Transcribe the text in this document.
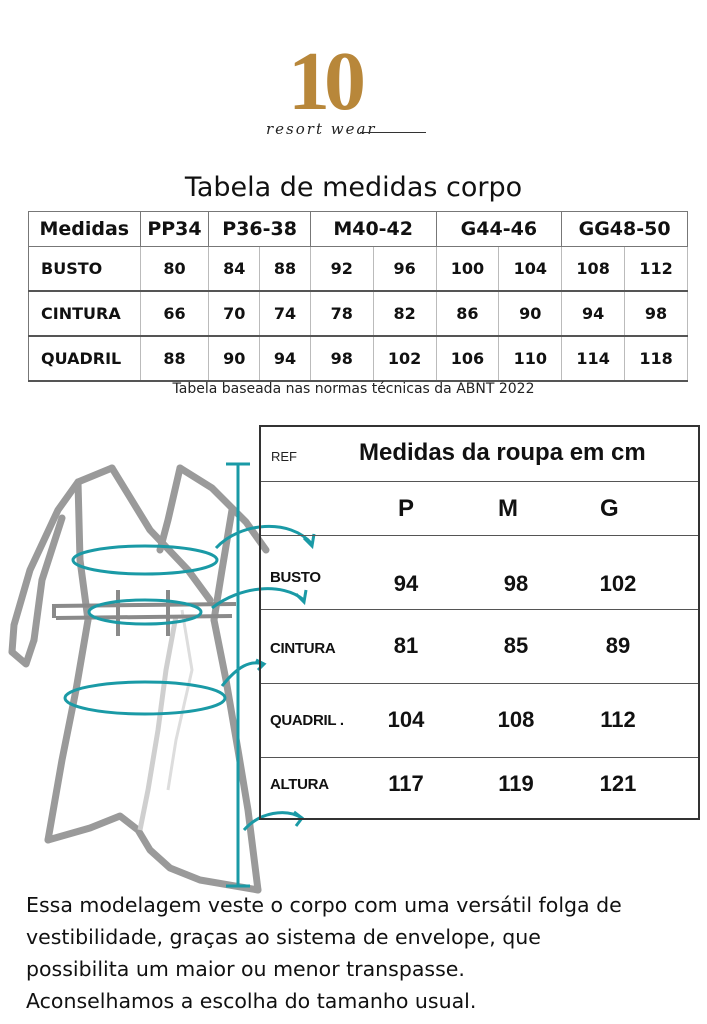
10
resort wear
Tabela de medidas corpo
Medidas	PP34	P36-38		M40-42		G44-46		GG48-50	
BUSTO	80	84	88	92	96	100	104	108	112
CINTURA	66	70	74	78	82	86	90	94	98
QUADRIL	88	90	94	98	102	106	110	114	118
Tabela baseada nas normas técnicas da ABNT 2022
REF	Medidas da roupa em cm
P	M	G
BUSTO	94	98	102
CINTURA	81	85	89
QUADRIL .	104	108	112
ALTURA	117	119	121
Essa modelagem veste o corpo com uma versátil folga de
vestibilidade, graças ao sistema de envelope, que
possibilita um maior ou menor transpasse.
Aconselhamos a escolha do tamanho usual.
